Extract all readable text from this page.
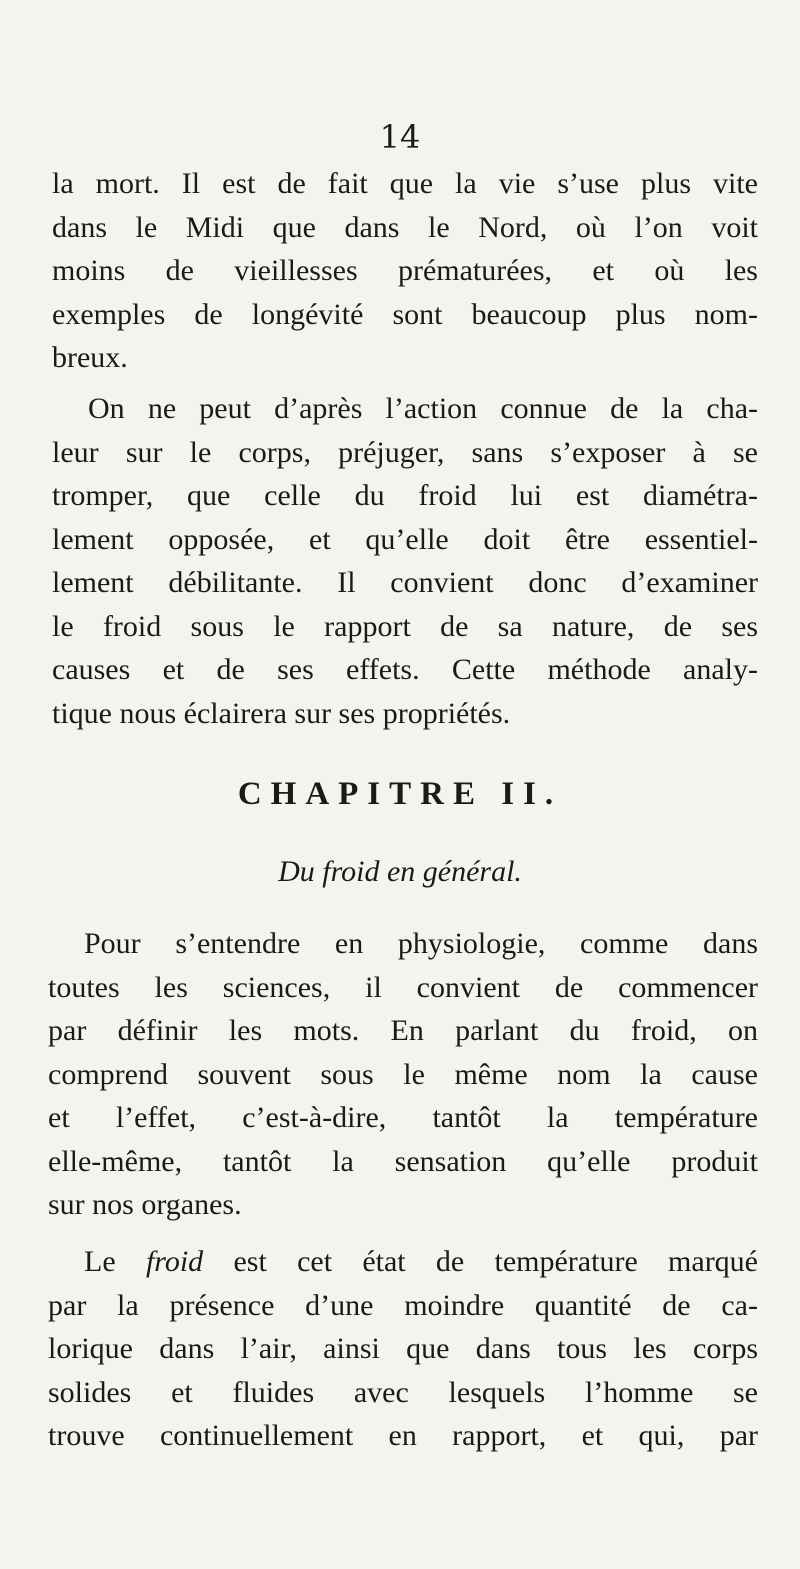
14
la mort. Il est de fait que la vie s’use plus vite
dans le Midi que dans le Nord, où l’on voit
moins de vieillesses prématurées, et où les
exemples de longévité sont beaucoup plus nom-
breux.
On ne peut d’après l’action connue de la cha-
leur sur le corps, préjuger, sans s’exposer à se
tromper, que celle du froid lui est diamétra-
lement opposée, et qu’elle doit être essentiel-
lement débilitante. Il convient donc d’examiner
le froid sous le rapport de sa nature, de ses
causes et de ses effets. Cette méthode analy-
tique nous éclairera sur ses propriétés.
CHAPITRE II.
Du froid en général.
Pour s’entendre en physiologie, comme dans
toutes les sciences, il convient de commencer
par définir les mots. En parlant du froid, on
comprend souvent sous le même nom la cause
et l’effet, c’est-à-dire, tantôt la température
elle-même, tantôt la sensation qu’elle produit
sur nos organes.
Le froid est cet état de température marqué
par la présence d’une moindre quantité de ca-
lorique dans l’air, ainsi que dans tous les corps
solides et fluides avec lesquels l’homme se
trouve continuellement en rapport, et qui, par
